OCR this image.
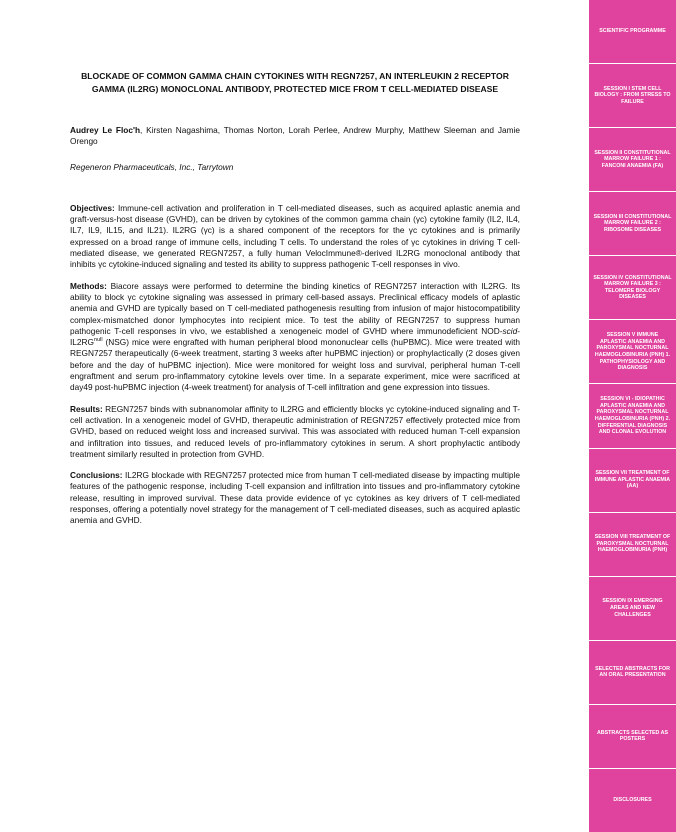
BLOCKADE OF COMMON GAMMA CHAIN CYTOKINES WITH REGN7257, AN INTERLEUKIN 2 RECEPTOR GAMMA (IL2RG) MONOCLONAL ANTIBODY, PROTECTED MICE FROM T CELL-MEDIATED DISEASE
Audrey Le Floc'h, Kirsten Nagashima, Thomas Norton, Lorah Perlee, Andrew Murphy, Matthew Sleeman and Jamie Orengo
Regeneron Pharmaceuticals, Inc., Tarrytown
Objectives: Immune-cell activation and proliferation in T cell-mediated diseases, such as acquired aplastic anemia and graft-versus-host disease (GVHD), can be driven by cytokines of the common gamma chain (γc) cytokine family (IL2, IL4, IL7, IL9, IL15, and IL21). IL2RG (γc) is a shared component of the receptors for the γc cytokines and is primarily expressed on a broad range of immune cells, including T cells. To understand the roles of γc cytokines in driving T cell-mediated disease, we generated REGN7257, a fully human VelocImmune®-derived IL2RG monoclonal antibody that inhibits γc cytokine-induced signaling and tested its ability to suppress pathogenic T-cell responses in vivo.
Methods: Biacore assays were performed to determine the binding kinetics of REGN7257 interaction with IL2RG. Its ability to block γc cytokine signaling was assessed in primary cell-based assays. Preclinical efficacy models of aplastic anemia and GVHD are typically based on T cell-mediated pathogenesis resulting from infusion of major histocompatibility complex-mismatched donor lymphocytes into recipient mice. To test the ability of REGN7257 to suppress human pathogenic T-cell responses in vivo, we established a xenogeneic model of GVHD where immunodeficient NOD-$scid-IL2RG^{null}$ (NSG) mice were engrafted with human peripheral blood mononuclear cells (huPBMC). Mice were treated with REGN7257 therapeutically (6-week treatment, starting 3 weeks after huPBMC injection) or prophylactically (2 doses given before and the day of huPBMC injection). Mice were monitored for weight loss and survival, peripheral human T-cell engraftment and serum pro-inflammatory cytokine levels over time. In a separate experiment, mice were sacrificed at day49 post-huPBMC injection (4-week treatment) for analysis of T-cell infiltration and gene expression into tissues.
Results: REGN7257 binds with subnanomolar affinity to IL2RG and efficiently blocks γc cytokine-induced signaling and T-cell activation. In a xenogeneic model of GVHD, therapeutic administration of REGN7257 effectively protected mice from GVHD, based on reduced weight loss and increased survival. This was associated with reduced human T-cell expansion and infiltration into tissues, and reduced levels of pro-inflammatory cytokines in serum. A short prophylactic antibody treatment similarly resulted in protection from GVHD.
Conclusions: IL2RG blockade with REGN7257 protected mice from human T cell-mediated disease by impacting multiple features of the pathogenic response, including T-cell expansion and infiltration into tissues and pro-inflammatory cytokine release, resulting in improved survival. These data provide evidence of γc cytokines as key drivers of T cell-mediated responses, offering a potentially novel strategy for the management of T cell-mediated diseases, such as acquired aplastic anemia and GVHD.
SCIENTIFIC PROGRAMME
SESSION I STEM CELL BIOLOGY : FROM STRESS TO FAILURE
SESSION II CONSTITUTIONAL MARROW FAILURE 1 : FANCONI ANAEMIA (FA)
SESSION III CONSTITUTIONAL MARROW FAILURE 2 : RIBOSOME DISEASES
SESSION IV CONSTITUTIONAL MARROW FAILURE 3 : TELOMERE BIOLOGY DISEASES
SESSION V IMMUNE APLASTIC ANAEMIA AND PAROXYSMAL NOCTURNAL HAEMOGLOBINURIA (PNH) 1. PATHOPHYSIOLOGY AND DIAGNOSIS
SESSION VI - IDIOPATHIC APLASTIC ANAEMIA AND PAROXYSMAL NOCTURNAL HAEMOGLOBINURIA (PNH) 2. DIFFERENTIAL DIAGNOSIS AND CLONAL EVOLUTION
SESSION VII TREATMENT OF IMMUNE APLASTIC ANAEMIA (AA)
SESSION VIII TREATMENT OF PAROXYSMAL NOCTURNAL HAEMOGLOBINURIA (PNH)
SESSION IX EMERGING AREAS AND NEW CHALLENGES
SELECTED ABSTRACTS FOR AN ORAL PRESENTATION
ABSTRACTS SELECTED AS POSTERS
DISCLOSURES
